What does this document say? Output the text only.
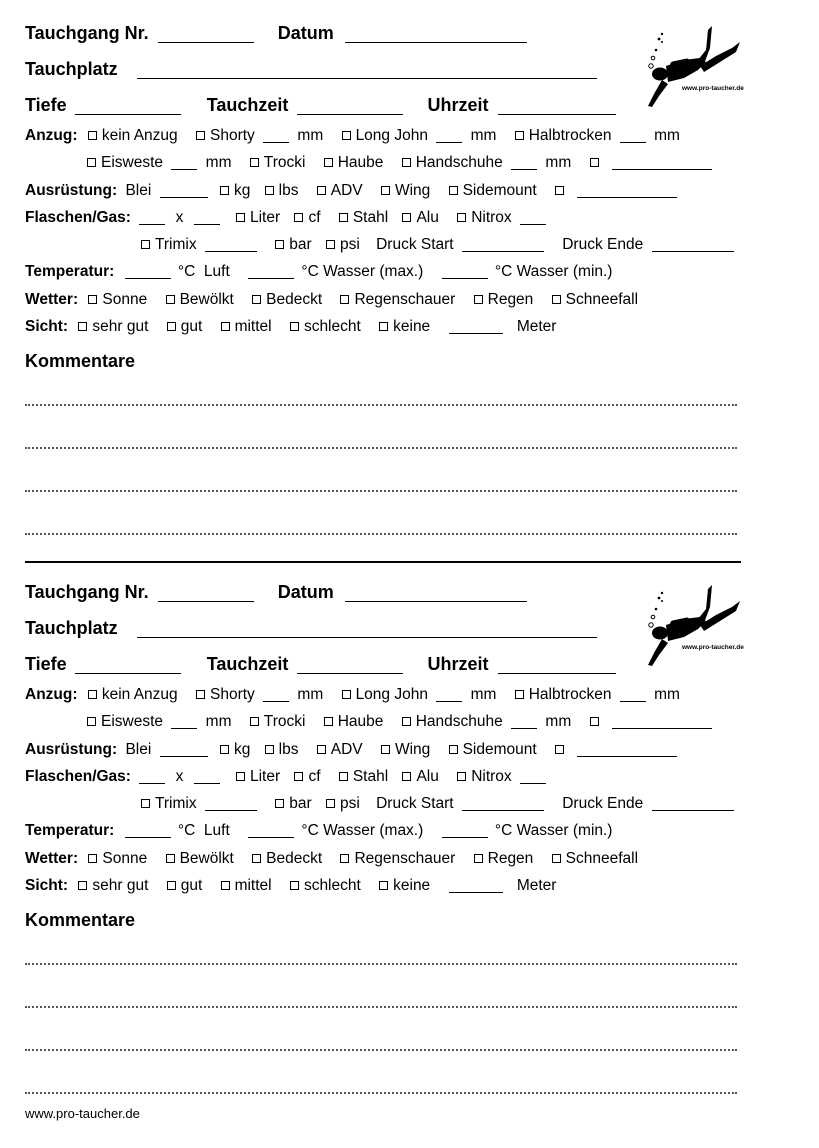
Tauchgang Nr.	Datum
Tauchplatz
Tiefe	Tauchzeit	Uhrzeit
Anzug: kein Anzug Shorty	mm Long John	mm Halbtrocken	mm
Eisweste	mm Trocki Haube Handschuhe	mm
Ausrüstung: Blei	kg lbs ADV Wing Sidemount
Flaschen/Gas:	x	Liter cf Stahl Alu Nitrox
Trimix	bar psi Druck Start	Druck Ende
Temperatur:	°C  Luft	°C Wasser (max.)	°C Wasser (min.)
Wetter: Sonne Bewölkt Bedeckt Regenschauer Regen Schneefall
Sicht: sehr gut gut mittel schlecht keine	Meter
Kommentare
www.pro-taucher.de
Tauchgang Nr.	Datum
Tauchplatz
Tiefe	Tauchzeit	Uhrzeit
Anzug: kein Anzug Shorty	mm Long John	mm Halbtrocken	mm
Eisweste	mm Trocki Haube Handschuhe	mm
Ausrüstung: Blei	kg lbs ADV Wing Sidemount
Flaschen/Gas:	x	Liter cf Stahl Alu Nitrox
Trimix	bar psi Druck Start	Druck Ende
Temperatur:	°C  Luft	°C Wasser (max.)	°C Wasser (min.)
Wetter: Sonne Bewölkt Bedeckt Regenschauer Regen Schneefall
Sicht: sehr gut gut mittel schlecht keine	Meter
Kommentare
www.pro-taucher.de
www.pro-taucher.de
